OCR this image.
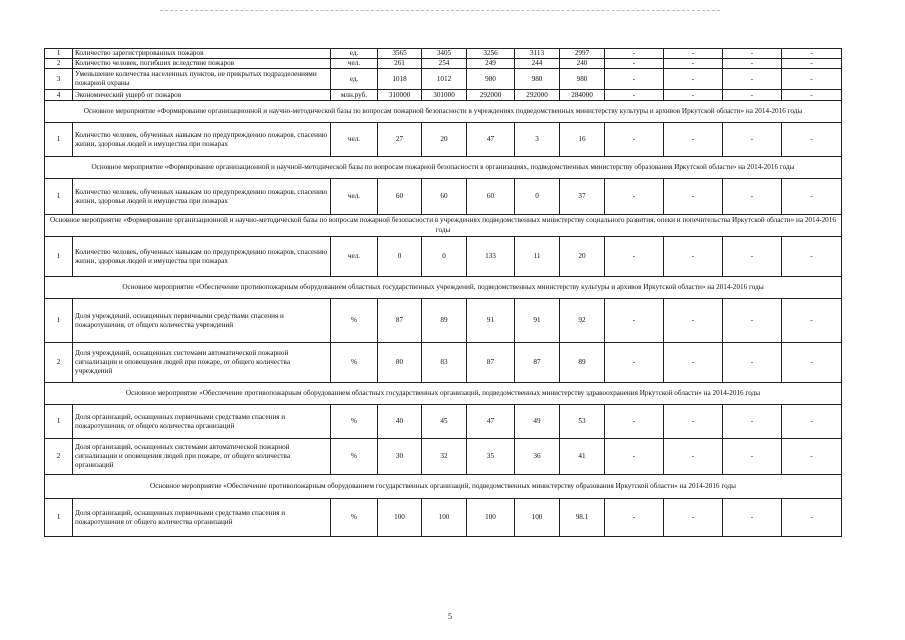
1	Количество зарегистрированных пожаров	ед.	3565	3405	3256	3113	2997	-	-	-	-
2	Количество человек, погибших вследствие пожаров	чел.	261	254	249	244	240	-	-	-	-
3	Уменьшение количества населенных пунктов, не прикрытых подразделениями пожарной охраны	ед.	1018	1012	980	980	980	-	-	-	-
4	Экономический ущерб от пожаров	млн.руб.	310000	301000	292000	292000	284000	-	-	-	-
Основное мероприятие «Формирование организационной и научно-методической базы по вопросам пожарной безопасности в учреждениях подведомственных министерству культуры и архивов Иркутской области» на 2014-2016 годы											
1	Количество человек, обученных навыкам по предупреждению пожаров, спасению жизни, здоровья людей и имущества при пожарах	чел.	27	20	47	3	16	-	-	-	-
Основное мероприятие «Формирование организационной и научной-методической базы по вопросам пожарной безопасности в организациях, подведомственных министерству образования Иркутской области» на 2014-2016 годы											
1	Количество человек, обученных навыкам по предупреждению пожаров, спасению жизни, здоровья людей и имущества при пожарах	чел.	60	60	60	0	37	-	-	-	-
Основное мероприятие «Формирование организационной и научно-методической базы по вопросам пожарной безопасности в учреждениях подведомственных министерству социального развития, опеки и попечительства Иркутской области» на 2014-2016 годы											
1	Количество человек, обученных навыкам по предупреждению пожаров, спасению жизни, здоровья людей и имущества при пожарах	чел.	0	0	133	11	20	-	-	-	-
Основное мероприятие «Обеспечение противопожарным оборудованием областных государственных учреждений, подведомственных министерству культуры и архивов Иркутской области» на 2014-2016 годы											
1	Доля учреждений, оснащенных первичными средствами спасения и пожаротушения, от общего количества учреждений	%	87	89	91	91	92	-	-	-	-
2	Доля учреждений, оснащенных системами автоматической пожарной сигнализации и оповещения людей при пожаре, от общего количества учреждений	%	80	83	87	87	89	-	-	-	-
Основное мероприятие «Обеспечение противопожарным оборудованием областных государственных организаций, подведомственных министерству здравоохранения Иркутской области» на 2014-2016 годы											
1	Доля организаций, оснащенных первичными средствами спасения и пожаротушения, от общего количества организаций	%	40	45	47	49	53	-	-	-	-
2	Доля организаций, оснащенных системами автоматической пожарной сигнализации и оповещения людей при пожаре, от общего количества организаций	%	30	32	35	36	41	-	-	-	-
Основное мероприятие «Обеспечение противопожарным оборудованием государственных организаций, подведомственных министерству образования Иркутской области» на 2014-2016 годы											
1	Доля организаций, оснащенных первичными средствами спасения и пожаротушения от общего количества организаций	%	100	100	100	100	98.1	-	-	-	-
5
